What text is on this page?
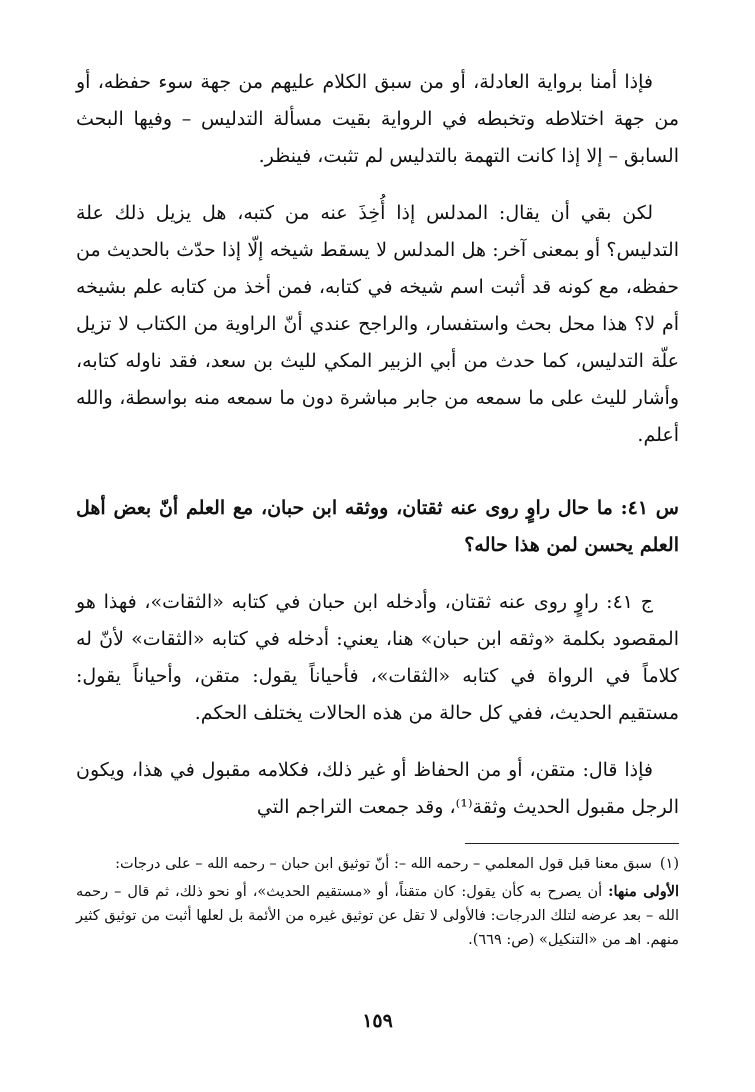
فإذا أمنا برواية العادلة، أو من سبق الكلام عليهم من جهة سوء حفظه، أو من جهة اختلاطه وتخبطه في الرواية بقيت مسألة التدليس – وفيها البحث السابق – إلا إذا كانت التهمة بالتدليس لم تثبت، فينظر.

لكن بقي أن يقال: المدلس إذا أُخِذَ عنه من كتبه، هل يزيل ذلك علة التدليس؟ أو بمعنى آخر: هل المدلس لا يسقط شيخه إلّا إذا حدّث بالحديث من حفظه، مع كونه قد أثبت اسم شيخه في كتابه، فمن أخذ من كتابه علم بشيخه أم لا؟ هذا محل بحث واستفسار، والراجح عندي أنّ الراوية من الكتاب لا تزيل علّة التدليس، كما حدث من أبي الزبير المكي لليث بن سعد، فقد ناوله كتابه، وأشار لليث على ما سمعه من جابر مباشرة دون ما سمعه منه بواسطة، والله أعلم.

س ٤١: ما حال راوٍ روى عنه ثقتان، ووثقه ابن حبان، مع العلم أنّ بعض أهل العلم يحسن لمن هذا حاله؟

ج ٤١: راوٍ روى عنه ثقتان، وأدخله ابن حبان في كتابه «الثقات»، فهذا هو المقصود بكلمة «وثقه ابن حبان» هنا، يعني: أدخله في كتابه «الثقات» لأنّ له كلاماً في الرواة في كتابه «الثقات»، فأحياناً يقول: متقن، وأحياناً يقول: مستقيم الحديث، ففي كل حالة من هذه الحالات يختلف الحكم.

فإذا قال: متقن، أو من الحفاظ أو غير ذلك، فكلامه مقبول في هذا، ويكون الرجل مقبول الحديث وثقة⁽¹⁾، وقد جمعت التراجم التي

(١)
سبق معنا قبل قول المعلمي – رحمه الله –: أنّ توثيق ابن حبان – رحمه الله – على درجات:

الأولى منها: أن يصرح به كأن يقول: كان متقناً، أو «مستقيم الحديث»، أو نحو ذلك، ثم قال – رحمه الله – بعد عرضه لتلك الدرجات: فالأولى لا تقل عن توثيق غيره من الأئمة بل لعلها أثبت من توثيق كثير منهم. اهـ من «التنكيل» (ص: ٦٦٩).

١٥٩
